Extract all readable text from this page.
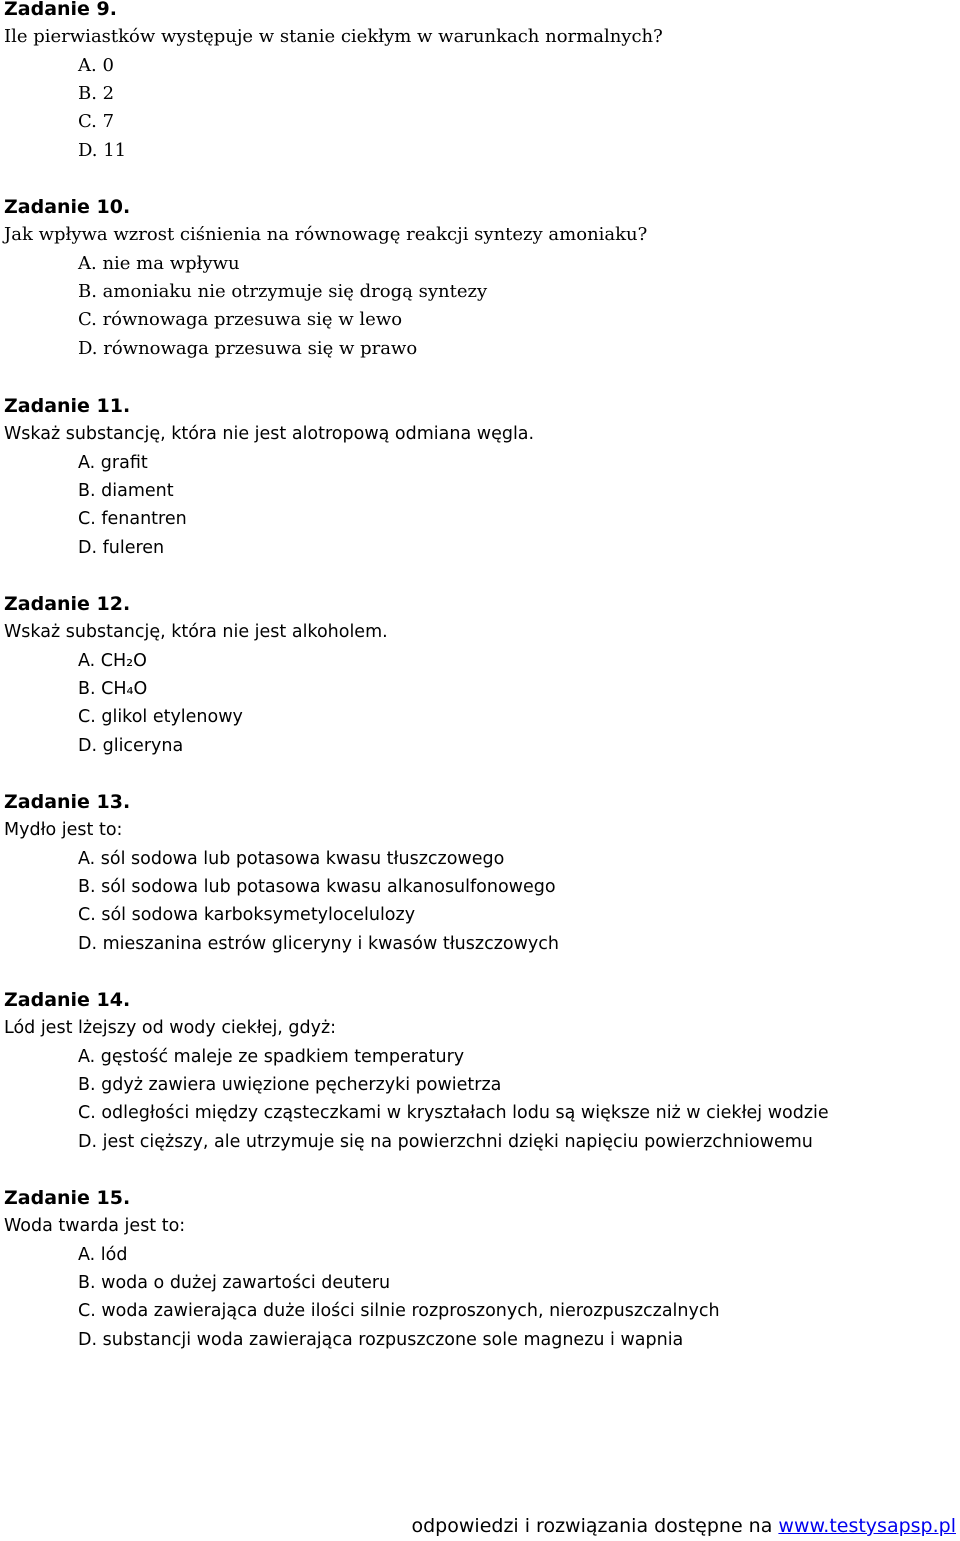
Zadanie 9.
Ile pierwiastków występuje w stanie ciekłym w warunkach normalnych?
A. 0
B. 2
C. 7
D. 11
Zadanie 10.
Jak wpływa wzrost ciśnienia na równowagę reakcji syntezy amoniaku?
A. nie ma wpływu
B. amoniaku nie otrzymuje się drogą syntezy
C. równowaga przesuwa się w lewo
D. równowaga przesuwa się w prawo
Zadanie 11.
Wskaż substancję, która nie jest alotropową odmiana węgla.
A. grafit
B. diament
C. fenantren
D. fuleren
Zadanie 12.
Wskaż substancję, która nie jest alkoholem.
A. CH₂O
B. CH₄O
C. glikol etylenowy
D. gliceryna
Zadanie 13.
Mydło jest to:
A. sól sodowa lub potasowa kwasu tłuszczowego
B. sól sodowa lub potasowa kwasu alkanosulfonowego
C. sól sodowa karboksymetylocelulozy
D. mieszanina estrów gliceryny i kwasów tłuszczowych
Zadanie 14.
Lód jest lżejszy od wody ciekłej, gdyż:
A. gęstość maleje ze spadkiem temperatury
B. gdyż zawiera uwięzione pęcherzyki powietrza
C. odległości między cząsteczkami w kryształach lodu są większe niż w ciekłej wodzie
D. jest cięższy, ale utrzymuje się na powierzchni dzięki napięciu powierzchniowemu
Zadanie 15.
Woda twarda jest to:
A. lód
B. woda o dużej zawartości deuteru
C. woda zawierająca duże ilości silnie rozproszonych, nierozpuszczalnych
D. substancji woda zawierająca rozpuszczone sole magnezu i wapnia
odpowiedzi i rozwiązania dostępne na www.testysapsp.pl
